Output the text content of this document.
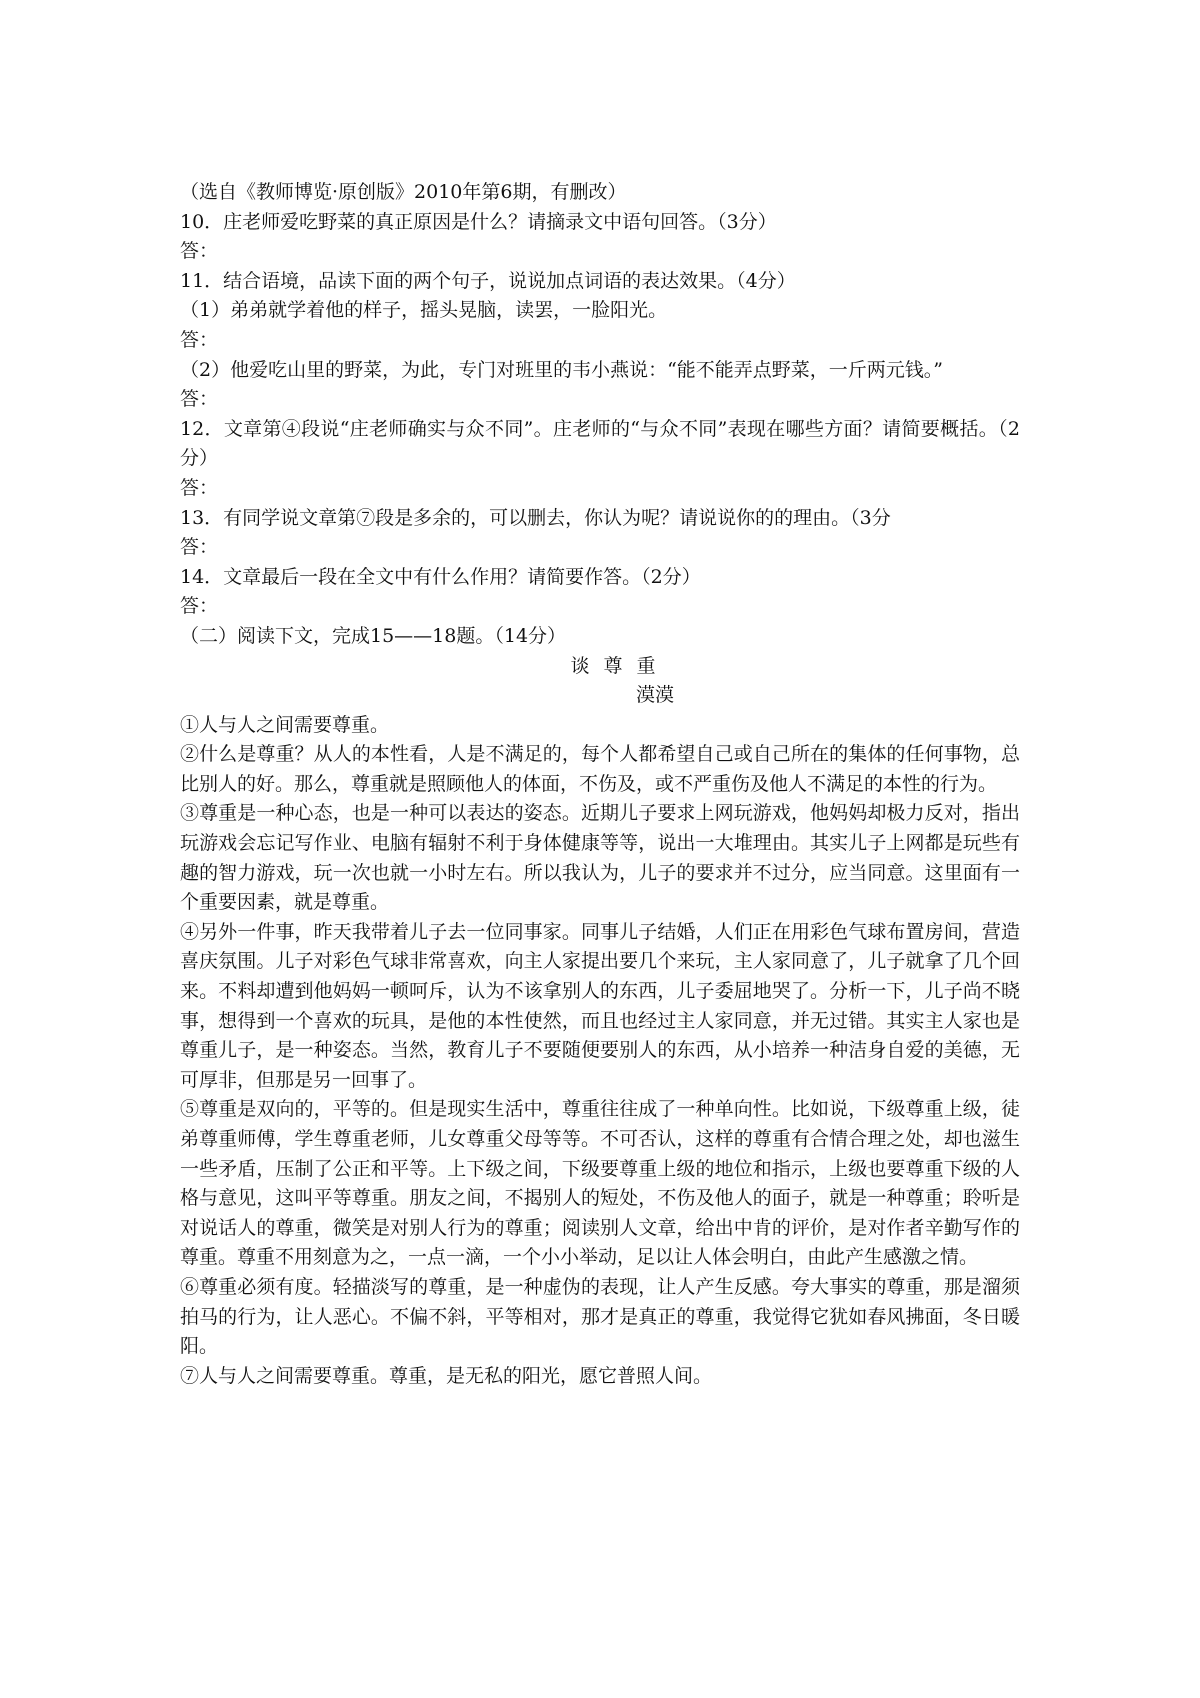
（选自《教师博览·原创版》2010年第6期，有删改）
10．庄老师爱吃野菜的真正原因是什么？请摘录文中语句回答。（3分）
答：
11．结合语境，品读下面的两个句子，说说加点词语的表达效果。（4分）
（1）弟弟就学着他的样子，摇头晃脑，读罢，一脸阳光。
答：
（2）他爱吃山里的野菜，为此，专门对班里的韦小燕说：“能不能弄点野菜，一斤两元钱。”
答：
12．文章第④段说“庄老师确实与众不同”。庄老师的“与众不同”表现在哪些方面？请简要概括。（2分）
答：
13．有同学说文章第⑦段是多余的，可以删去，你认为呢？请说说你的的理由。（3分
答：
14．文章最后一段在全文中有什么作用？请简要作答。（2分）
答：
（二）阅读下文，完成15——18题。（14分）
谈尊重
漠漠
①人与人之间需要尊重。
②什么是尊重？从人的本性看，人是不满足的，每个人都希望自己或自己所在的集体的任何事物，总比别人的好。那么，尊重就是照顾他人的体面，不伤及，或不严重伤及他人不满足的本性的行为。
③尊重是一种心态，也是一种可以表达的姿态。近期儿子要求上网玩游戏，他妈妈却极力反对，指出玩游戏会忘记写作业、电脑有辐射不利于身体健康等等，说出一大堆理由。其实儿子上网都是玩些有趣的智力游戏，玩一次也就一小时左右。所以我认为，儿子的要求并不过分，应当同意。这里面有一个重要因素，就是尊重。
④另外一件事，昨天我带着儿子去一位同事家。同事儿子结婚，人们正在用彩色气球布置房间，营造喜庆氛围。儿子对彩色气球非常喜欢，向主人家提出要几个来玩，主人家同意了，儿子就拿了几个回来。不料却遭到他妈妈一顿呵斥，认为不该拿别人的东西，儿子委屈地哭了。分析一下，儿子尚不晓事，想得到一个喜欢的玩具，是他的本性使然，而且也经过主人家同意，并无过错。其实主人家也是尊重儿子，是一种姿态。当然，教育儿子不要随便要别人的东西，从小培养一种洁身自爱的美德，无可厚非，但那是另一回事了。
⑤尊重是双向的，平等的。但是现实生活中，尊重往往成了一种单向性。比如说，下级尊重上级，徒弟尊重师傅，学生尊重老师，儿女尊重父母等等。不可否认，这样的尊重有合情合理之处，却也滋生一些矛盾，压制了公正和平等。上下级之间，下级要尊重上级的地位和指示，上级也要尊重下级的人格与意见，这叫平等尊重。朋友之间，不揭别人的短处，不伤及他人的面子，就是一种尊重；聆听是对说话人的尊重，微笑是对别人行为的尊重；阅读别人文章，给出中肯的评价，是对作者辛勤写作的尊重。尊重不用刻意为之，一点一滴，一个小小举动，足以让人体会明白，由此产生感激之情。
⑥尊重必须有度。轻描淡写的尊重，是一种虚伪的表现，让人产生反感。夸大事实的尊重，那是溜须拍马的行为，让人恶心。不偏不斜，平等相对，那才是真正的尊重，我觉得它犹如春风拂面，冬日暖阳。
⑦人与人之间需要尊重。尊重，是无私的阳光，愿它普照人间。
